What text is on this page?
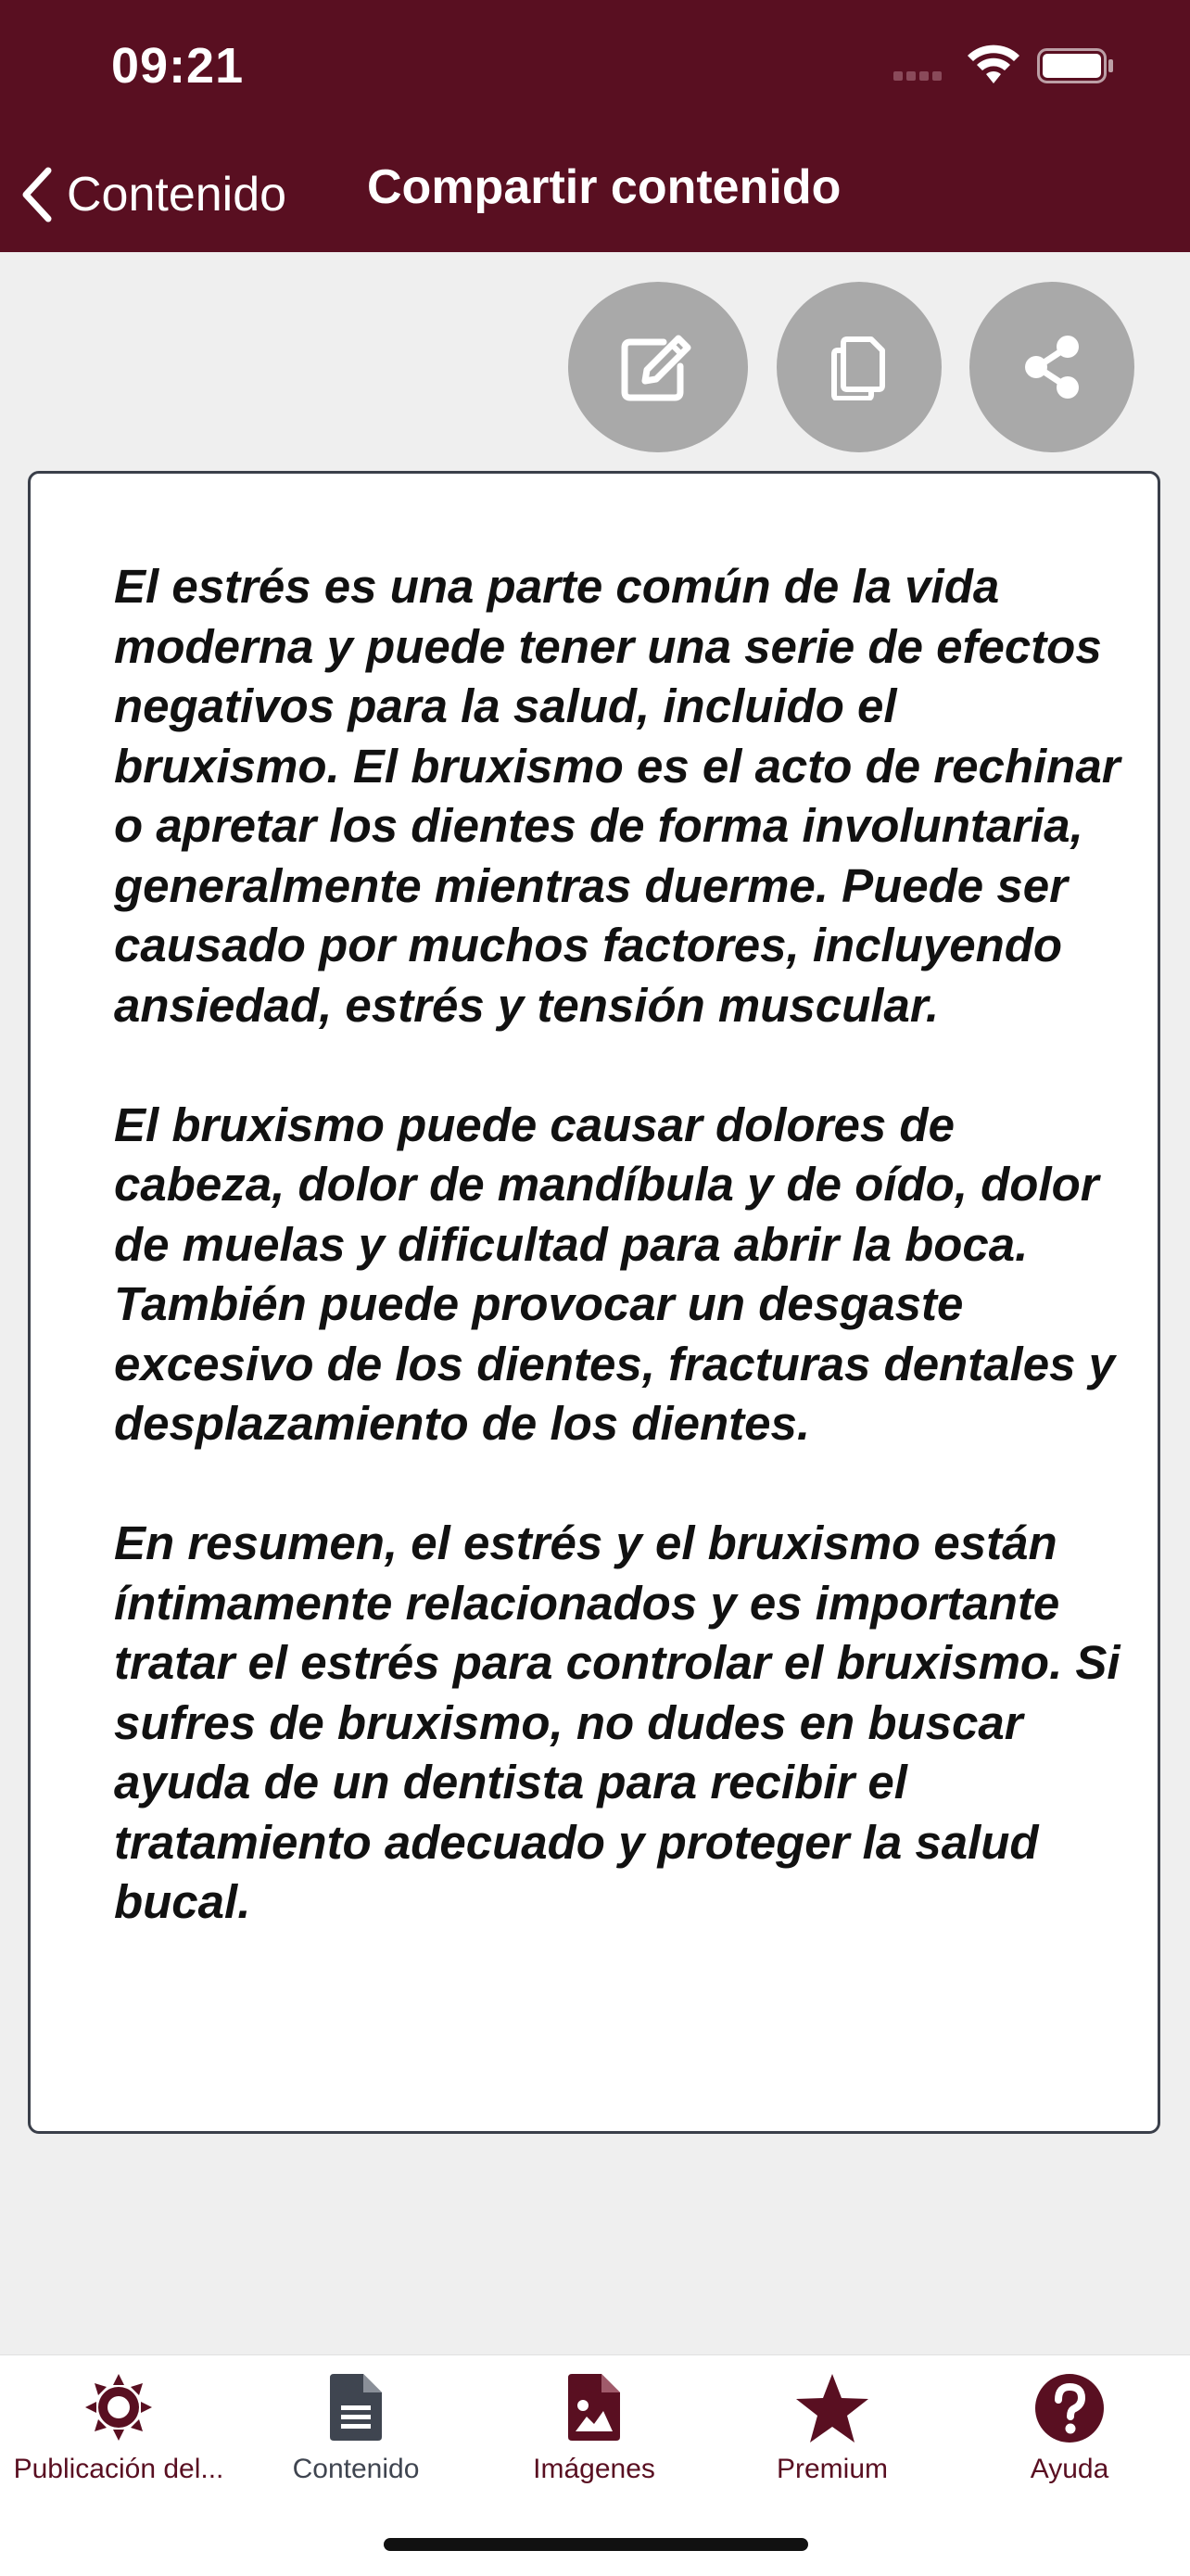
09:21
Contenido Compartir contenido

El estrés es una parte común de la vida moderna y puede tener una serie de efectos negativos para la salud, incluido el bruxismo. El bruxismo es el acto de rechinar o apretar los dientes de forma involuntaria, generalmente mientras duerme. Puede ser causado por muchos factores, incluyendo ansiedad, estrés y tensión muscular.

El bruxismo puede causar dolores de cabeza, dolor de mandíbula y de oído, dolor de muelas y dificultad para abrir la boca. También puede provocar un desgaste excesivo de los dientes, fracturas dentales y desplazamiento de los dientes.

En resumen, el estrés y el bruxismo están íntimamente relacionados y es importante tratar el estrés para controlar el bruxismo. Si sufres de bruxismo, no dudes en buscar ayuda de un dentista para recibir el tratamiento adecuado y proteger la salud bucal.

Publicación del...	Contenido	Imágenes	Premium	Ayuda
